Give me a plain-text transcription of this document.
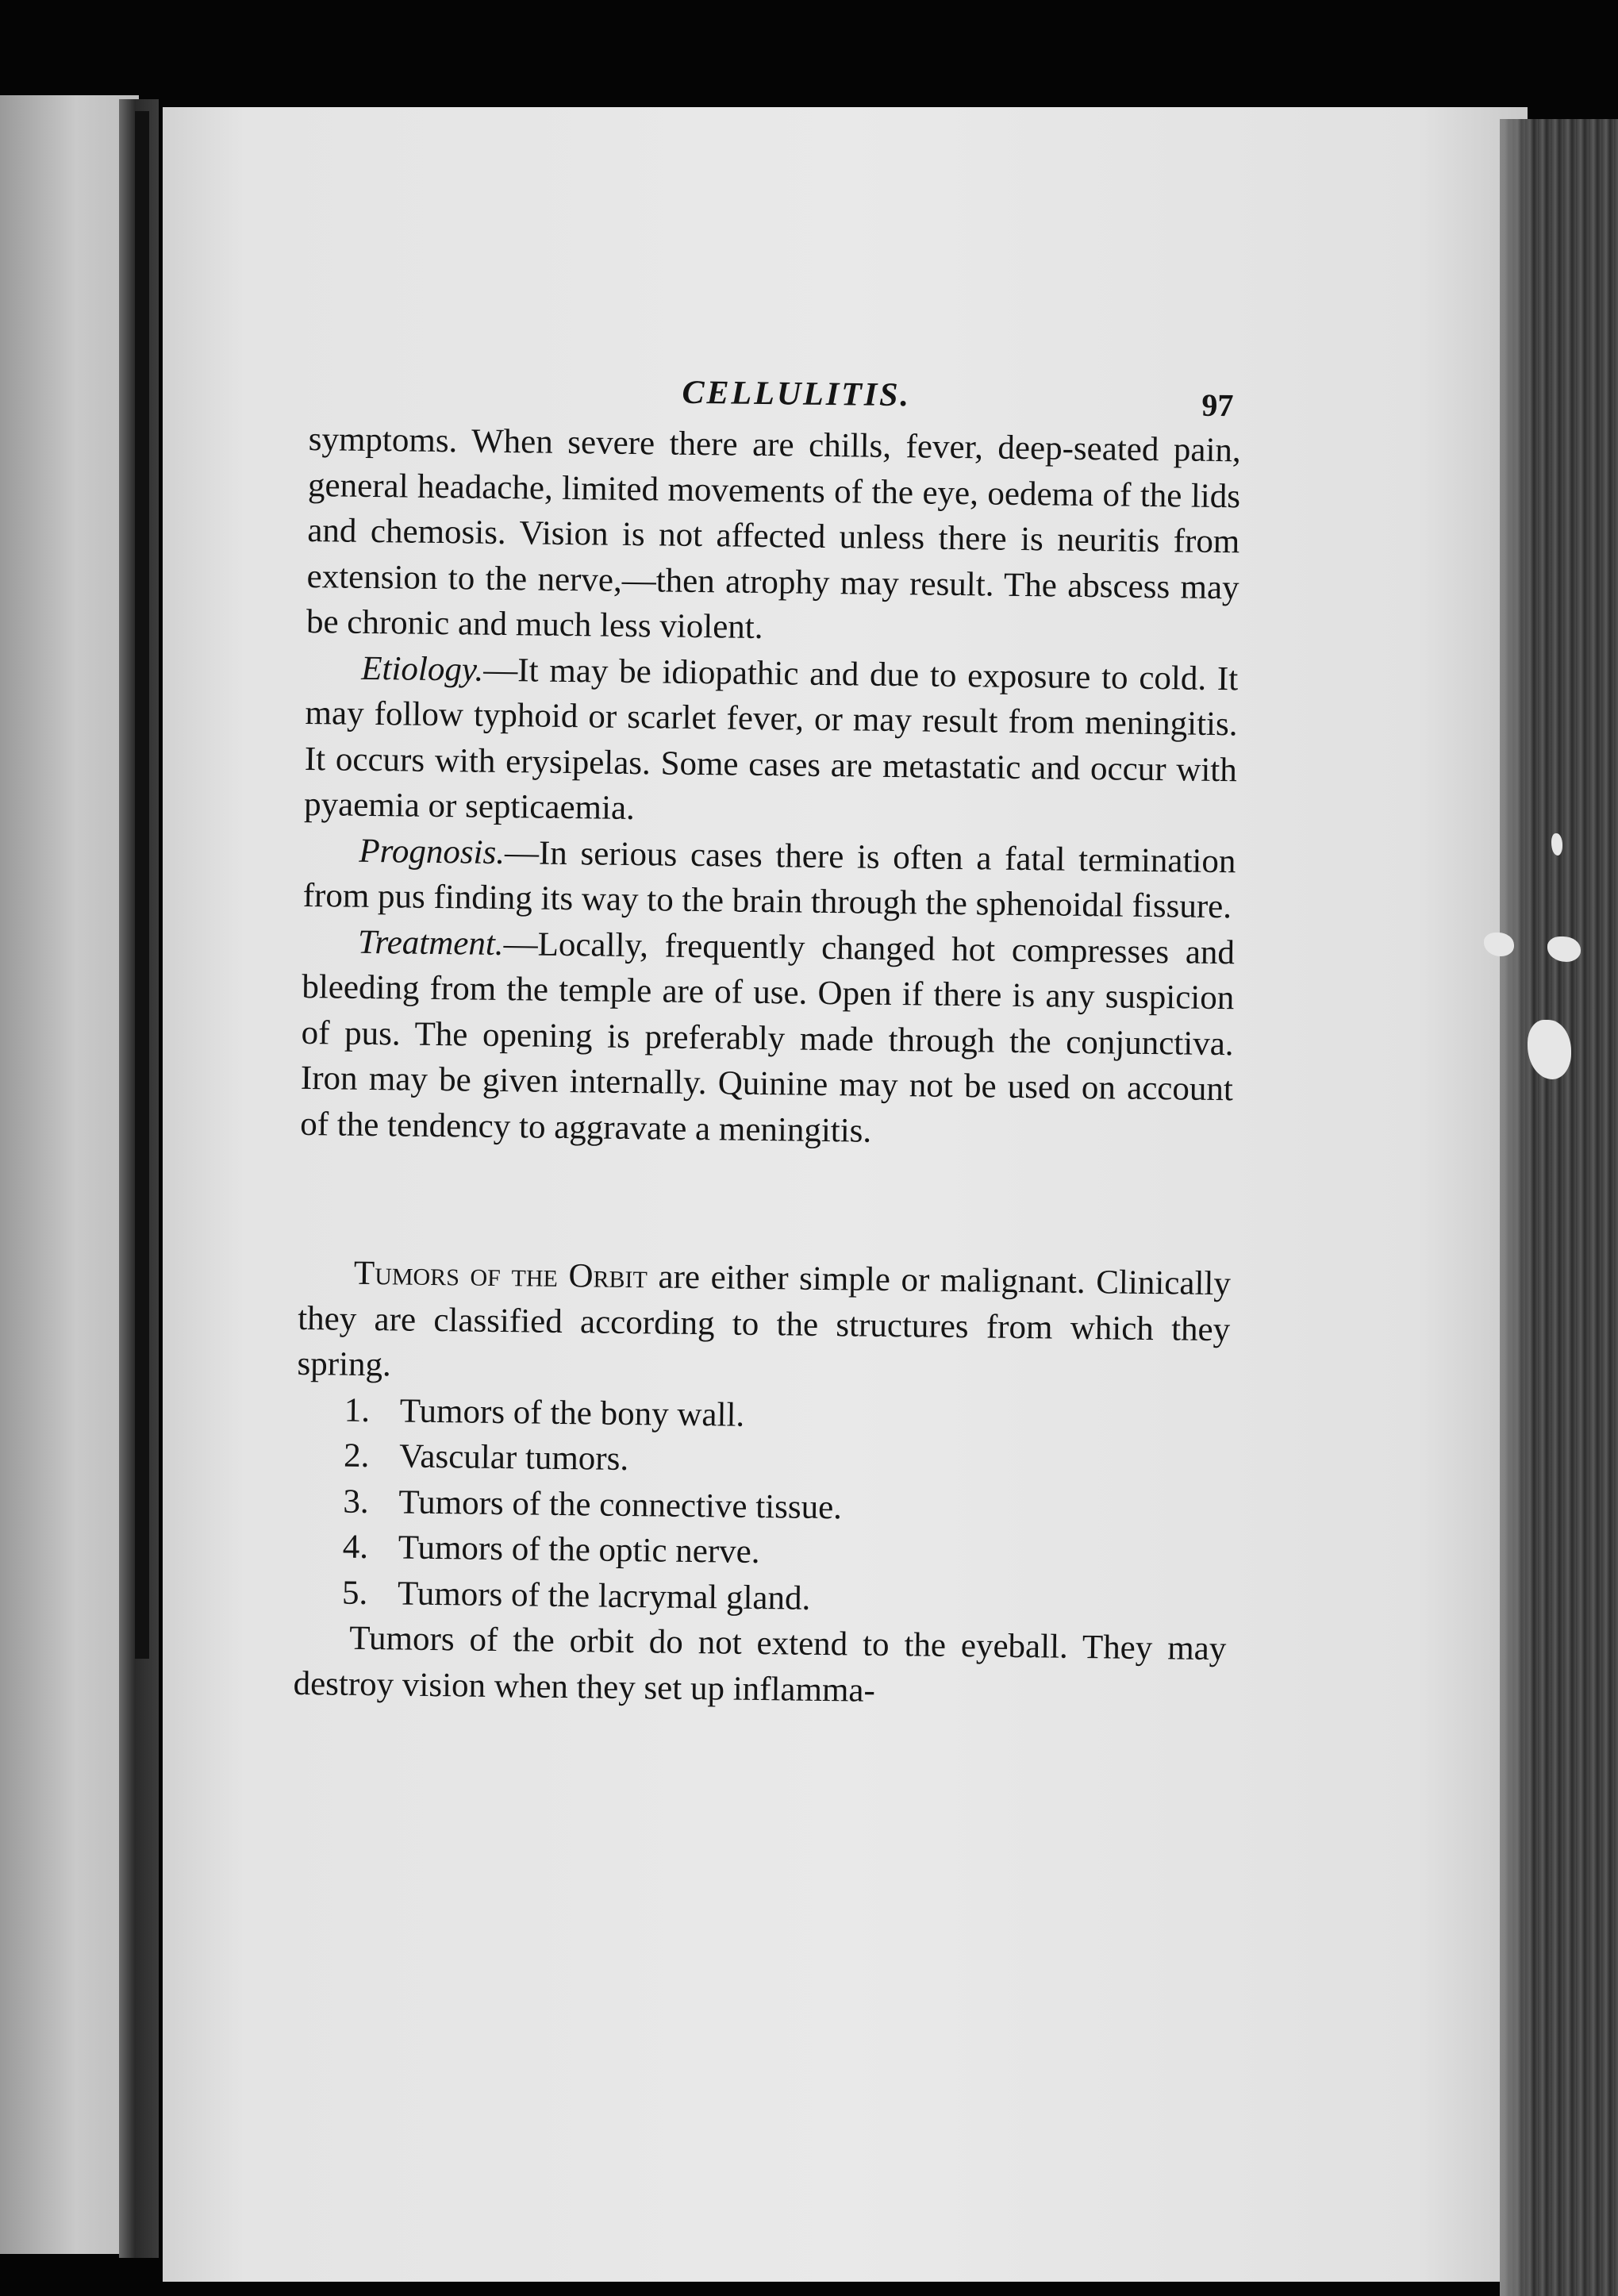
CELLULITIS.	97

symptoms. When severe there are chills, fever, deep-seated pain, general headache, limited movements of the eye, oedema of the lids and chemosis. Vision is not affected unless there is neuritis from extension to the nerve,—then atrophy may result. The abscess may be chronic and much less violent.

Etiology.—It may be idiopathic and due to exposure to cold. It may follow typhoid or scarlet fever, or may result from meningitis. It occurs with erysipelas. Some cases are metastatic and occur with pyaemia or septicaemia.

Prognosis.—In serious cases there is often a fatal termination from pus finding its way to the brain through the sphenoidal fissure.

Treatment.—Locally, frequently changed hot compresses and bleeding from the temple are of use. Open if there is any suspicion of pus. The opening is preferably made through the conjunctiva. Iron may be given internally. Quinine may not be used on account of the tendency to aggravate a meningitis.

Tumors of the Orbit are either simple or malignant. Clinically they are classified according to the structures from which they spring.

1. Tumors of the bony wall.
2. Vascular tumors.
3. Tumors of the connective tissue.
4. Tumors of the optic nerve.
5. Tumors of the lacrymal gland.

Tumors of the orbit do not extend to the eyeball. They may destroy vision when they set up inflamma-
